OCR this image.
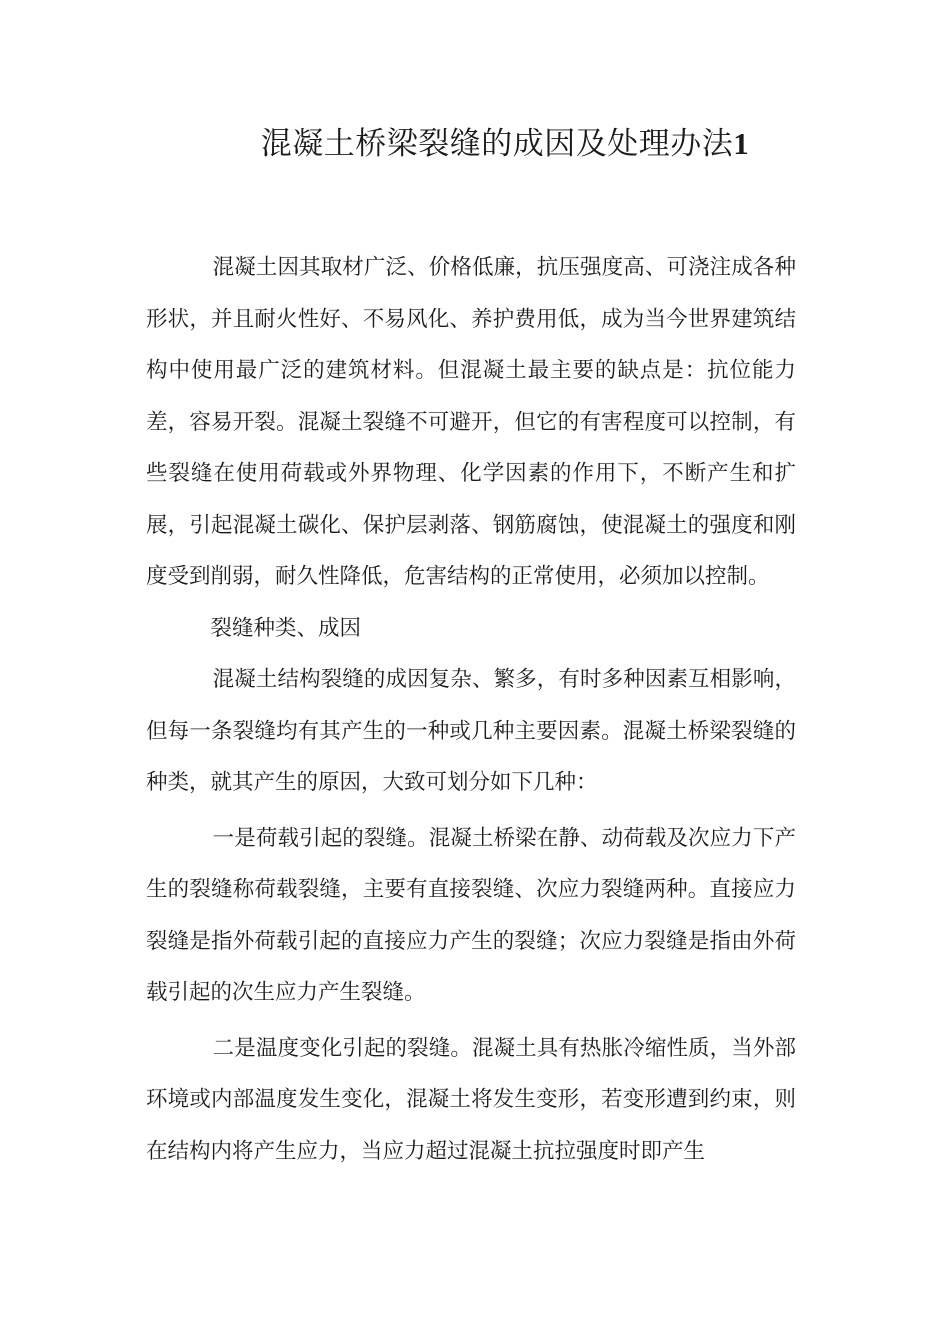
混凝土桥梁裂缝的成因及处理办法1

混凝土因其取材广泛、价格低廉，抗压强度高、可浇注成各种形状，并且耐火性好、不易风化、养护费用低，成为当今世界建筑结构中使用最广泛的建筑材料。但混凝土最主要的缺点是：抗位能力差，容易开裂。混凝土裂缝不可避开，但它的有害程度可以控制，有些裂缝在使用荷载或外界物理、化学因素的作用下，不断产生和扩展，引起混凝土碳化、保护层剥落、钢筋腐蚀，使混凝土的强度和刚度受到削弱，耐久性降低，危害结构的正常使用，必须加以控制。

裂缝种类、成因

混凝土结构裂缝的成因复杂、繁多，有时多种因素互相影响，但每一条裂缝均有其产生的一种或几种主要因素。混凝土桥梁裂缝的种类，就其产生的原因，大致可划分如下几种：

一是荷载引起的裂缝。混凝土桥梁在静、动荷载及次应力下产生的裂缝称荷载裂缝，主要有直接裂缝、次应力裂缝两种。直接应力裂缝是指外荷载引起的直接应力产生的裂缝；次应力裂缝是指由外荷载引起的次生应力产生裂缝。

二是温度变化引起的裂缝。混凝土具有热胀冷缩性质，当外部环境或内部温度发生变化，混凝土将发生变形，若变形遭到约束，则在结构内将产生应力，当应力超过混凝土抗拉强度时即产生
